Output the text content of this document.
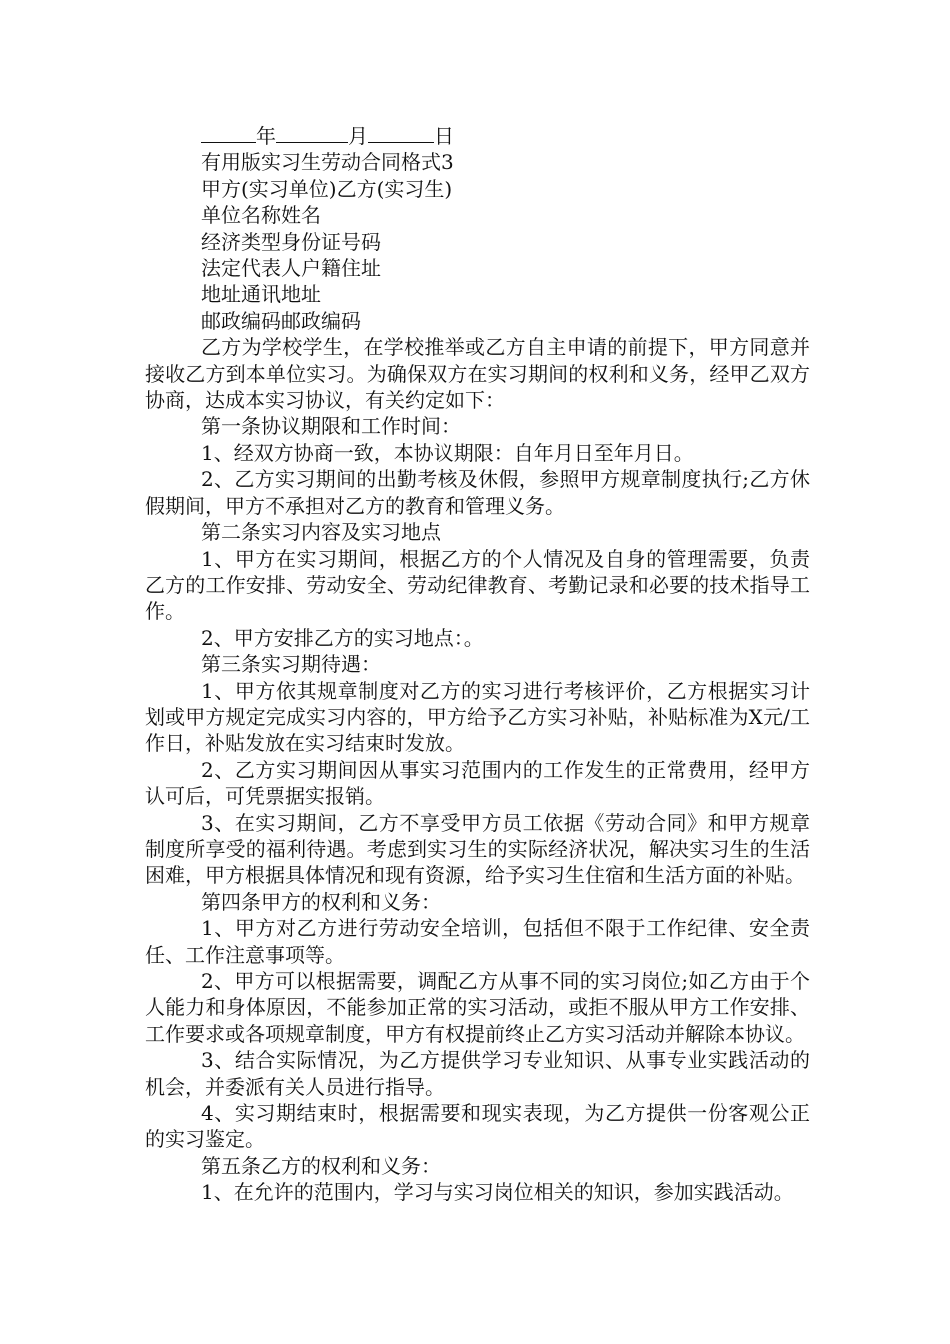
年	月	日
有用版实习生劳动合同格式3
甲方(实习单位)乙方(实习生)
单位名称姓名
经济类型身份证号码
法定代表人户籍住址
地址通讯地址
邮政编码邮政编码

乙方为学校学生，在学校推举或乙方自主申请的前提下，甲方同意并接收乙方到本单位实习。为确保双方在实习期间的权利和义务，经甲乙双方协商，达成本实习协议，有关约定如下：

第一条协议期限和工作时间：

1、经双方协商一致，本协议期限：自年月日至年月日。

2、乙方实习期间的出勤考核及休假，参照甲方规章制度执行;乙方休假期间，甲方不承担对乙方的教育和管理义务。

第二条实习内容及实习地点

1、甲方在实习期间，根据乙方的个人情况及自身的管理需要，负责乙方的工作安排、劳动安全、劳动纪律教育、考勤记录和必要的技术指导工作。

2、甲方安排乙方的实习地点：。

第三条实习期待遇：

1、甲方依其规章制度对乙方的实习进行考核评价，乙方根据实习计划或甲方规定完成实习内容的，甲方给予乙方实习补贴，补贴标准为X元/工作日，补贴发放在实习结束时发放。

2、乙方实习期间因从事实习范围内的工作发生的正常费用，经甲方认可后，可凭票据实报销。

3、在实习期间，乙方不享受甲方员工依据《劳动合同》和甲方规章制度所享受的福利待遇。考虑到实习生的实际经济状况，解决实习生的生活困难，甲方根据具体情况和现有资源，给予实习生住宿和生活方面的补贴。

第四条甲方的权利和义务：

1、甲方对乙方进行劳动安全培训，包括但不限于工作纪律、安全责任、工作注意事项等。

2、甲方可以根据需要，调配乙方从事不同的实习岗位;如乙方由于个人能力和身体原因，不能参加正常的实习活动，或拒不服从甲方工作安排、工作要求或各项规章制度，甲方有权提前终止乙方实习活动并解除本协议。

3、结合实际情况，为乙方提供学习专业知识、从事专业实践活动的机会，并委派有关人员进行指导。

4、实习期结束时，根据需要和现实表现，为乙方提供一份客观公正的实习鉴定。

第五条乙方的权利和义务：

1、在允许的范围内，学习与实习岗位相关的知识，参加实践活动。
